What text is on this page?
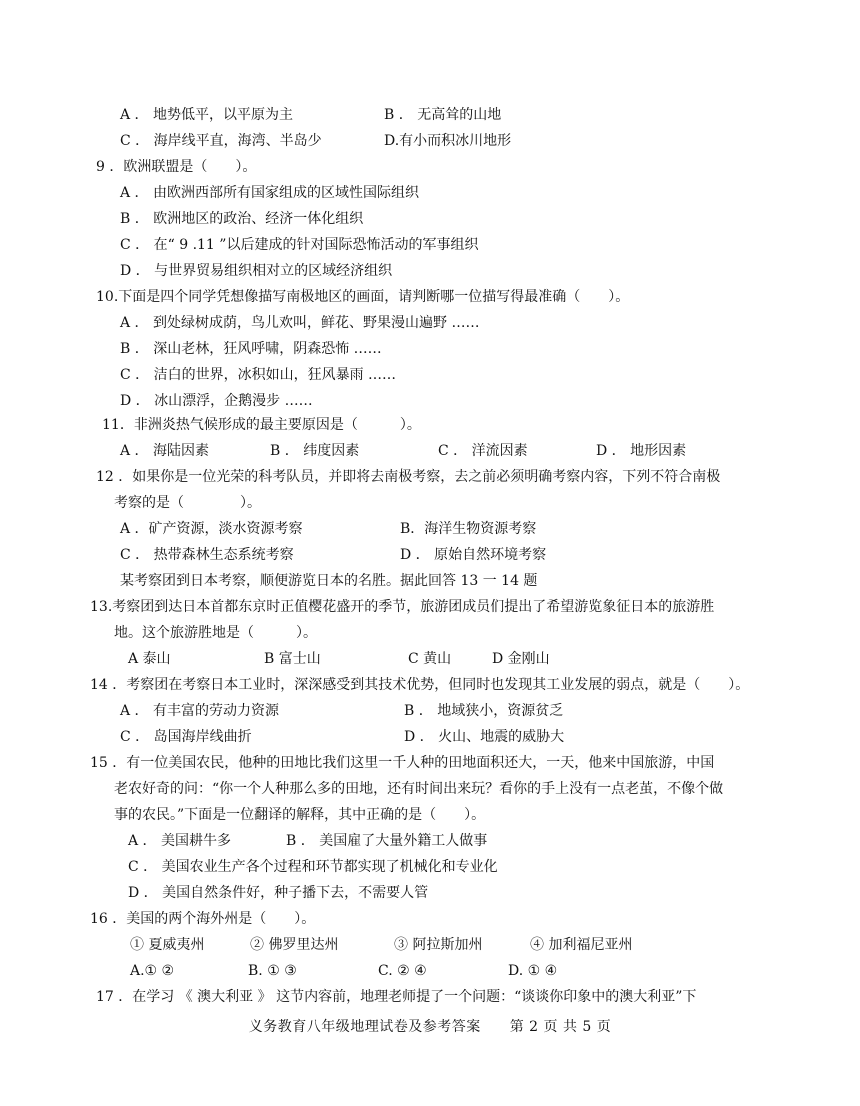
A ． 地势低平，以平原为主	B ． 无高耸的山地
C ． 海岸线平直，海湾、半岛少	D.有小而积冰川地形
9 ．欧洲联盟是（　　）。
A ． 由欧洲西部所有国家组成的区域性国际组织
B ． 欧洲地区的政治、经济一体化组织
C ． 在“ 9 .11 ”以后建成的针对国际恐怖活动的军事组织
D ． 与世界贸易组织相对立的区域经济组织
10.下面是四个同学凭想像描写南极地区的画面，请判断哪一位描写得最准确（　　）。
A ． 到处绿树成荫，鸟儿欢叫，鲜花、野果漫山遍野 ……
B ． 深山老林，狂风呼啸，阴森恐怖 ……
C ． 洁白的世界，冰积如山，狂风暴雨 ……
D ． 冰山漂浮，企鹅漫步 ……
11．非洲炎热气候形成的最主要原因是（　　　）。
A ． 海陆因素	B ． 纬度因素	C ． 洋流因素	D ． 地形因素
12 ．如果你是一位光荣的科考队员，并即将去南极考察，去之前必须明确考察内容，下列不符合南极
考察的是（　　　　）。
A ．矿产资源，淡水资源考察	B．海洋生物资源考察
C ． 热带森林生态系统考察	D ． 原始自然环境考察
某考察团到日本考察，顺便游览日本的名胜。据此回答 13 一 14 题
13.考察团到达日本首都东京时正值樱花盛开的季节，旅游团成员们提出了希望游览象征日本的旅游胜
地。这个旅游胜地是（　　　）。
A 泰山	B 富士山	C 黄山	D 金刚山
14 ．考察团在考察日本工业时，深深感受到其技术优势，但同时也发现其工业发展的弱点，就是（　　）。
A ． 有丰富的劳动力资源	B ． 地域狭小，资源贫乏
C ． 岛国海岸线曲折	D ． 火山、地震的威胁大
15 ．有一位美国农民，他种的田地比我们这里一千人种的田地面积还大，一天，他来中国旅游，中国
老农好奇的问：“你一个人种那么多的田地，还有时间出来玩？看你的手上没有一点老茧，不像个做
事的农民。”下面是一位翻译的解释，其中正确的是（　　）。
A ． 美国耕牛多	B ． 美国雇了大量外籍工人做事
C ． 美国农业生产各个过程和环节都实现了机械化和专业化
D ． 美国自然条件好，种子播下去，不需要人管
16 ．美国的两个海外州是（　　）。
① 夏威夷州	② 佛罗里达州	③ 阿拉斯加州	④ 加利福尼亚州
A.① ②	B. ① ③	C. ② ④	D. ① ④
17 ．在学习 《 澳大利亚 》 这节内容前，地理老师提了一个问题：“谈谈你印象中的澳大利亚”下
义务教育八年级地理试卷及参考答案　　第 2 页 共 5 页
